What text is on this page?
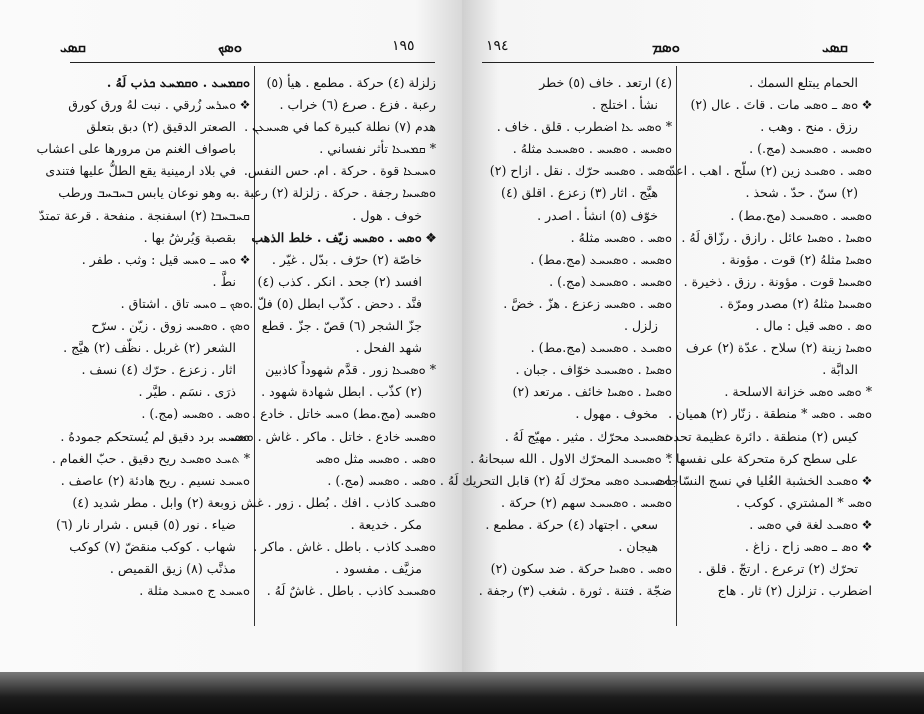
ܩܣܝ	ܘܣܟ	١٩٥
ܘܩܡܚܥ . ܘܩܡܚܥ ܟذب لَهُ .
❖ ܘܚܪܚ زُرقي . نبت لهُ ورق كورق
الصعتر الدقيق (٢) دبق بتعلق
باصواف الغنم من مرورها على اعشاب
في بلاد ارمينية يقع الطلُّ عليها فتندى
به وهو نوعان يابس ܒܚܒܚܒ ورطب
ܩܚܒܚܒܐ (٢) اسفنجة . منفحة . قرعة تمتدّ
بقصبة وَيُرشُ بها .
❖ ܘܚ ـ ܘܚܚ قيل : وثب . طفر .
نطَّ .
ܘܣܟ ـ ܘܚܚ تاق . اشتاق .
ܘܣܟ . ܘܣܚܚ زوق . زيّن . سرّح
الشعر (٢) غربل . نظّف (٢) هيَّج .
اثار . زعزع . حرّك (٤) نسف .
ذرَى . نسَم . طيَّر .
ܘܣܚ . ܘܣܚܚ (مج.) .
ܘܣܚܚ برد دقيق لم يُستحكم جمودهُ .
* ܬܚܥ ܘܣܚܥ ريح دقيق . حبّ الغمام .
ܘܚܚܥ نسيم . ريح هادئة (٢) عاصف .
زوبعة (٢) وابل . مطر شديد (٤)
ضياء . نور (٥) قبس . شرار نار (٦)
شهاب . كوكب منقضّ (٧) كوكب
مذنَّب (٨) زيق القميص .
ܘܚܚܥ ج ܘܚܚܥ مثلة .
زلزلة (٤) حركة . مطمع . هيأ (٥)
رعبة . فزع . صرع (٦) خراب .
هدم (٧) نطلة كبيرة كما في ܣܚܚܥܢ .
* ܩܡܚܥܐ تأثر نفساني .
ܘܚܚܥܐ قوة . حركة . ام. حس النفس.
ܘܣܚܚܐ رجفة . حركة . زلزلة (٢) رعبة .
خوف . هول .
❖ ܘܣܚ . ܘܣܚܚ زيّف . خلط الذهب
خاصّة (٢) حرّف . بدّل . غيّر .
افسد (٢) جحد . انكر . كذب (٤)
فنَّد . دحض . كذّب ابطل (٥) فلّ .
جزّ الشجر (٦) قصّ . جزّ . قطع
شهد الفحل .
* ܘܣܚܥܐ زور . قدَّم شهوداً كاذبين
(٢) كذّب . ابطل شهادة شهود .
ܘܣܚܚ (مج.مط) ܘܚܚ خاتل . خادع .
ܘܣܚܚ خادع . خاتل . ماكر . غاش . ܘܣܚ
ܘܣܚ . ܘܣܚܚ مثل ܘܣܚ
ܘܣܚ . ܘܣܚܚ (مج.) .
ܘܣܚܥ كاذب . افك . بُطل . زور . غش .
مكر . خديعة .
ܘܣܚܥ كاذب . باطل . غاش . ماكر .
مزيَّف . مفسود .
ܘܣܚܚܥ كاذب . باطل . غاشٌ لَهُ .
١٩٤	ܘܣܡ	ܩܣܝ
(٤) ارتعد . خاف (٥) خطر
نشأ . اختلج .
* ܘܣܚ ܥܐ اضطرب . قلق . خاف .
ܘܣܚܚ . ܘܣܚܚ . ܘܣܚܚܥ مثلهُ .
ܘܣܚ . ܘܣܚܚ حرّك . نقل . ازاح (٢)
هيَّج . اثار (٣) زعزع . اقلق (٤)
خوّف (٥) انشأ . اصدر .
ܘܣܚ . ܘܣܚܚ مثلهُ .
ܘܣܚܚ . ܘܣܚܚܥ (مج.مط) .
ܘܣܚܚ . ܘܣܚܚܥ (مج.) .
ܘܣܚ . ܘܣܚܚ زعزع . هزّ . خضَّ .
زلزل .
ܘܣܚܥ . ܘܣܚܚܥ (مج.مط) .
ܘܣܚܐ . ܘܣܚܚܥ خوّاف . جبان .
ܘܣܚܐ . ܘܣܚܐ خائف . مرتعد (٢)
مخوف . مهول .
ܘܣܚܚܥ محرّك . مثير . مهيّج لَهُ .
* ܘܣܚܚܥ المحرّك الاول . الله سبحانهُ .
ܘܣܚܚܥ ܘܣܚ محرّك لَهُ (٢) قابل التحريك لَهُ .
ܘܣܚܚ . ܘܣܚܚܥ سهم (٢) حركة .
سعي . اجتهاد (٤) حركة . مطمع .
هيجان .
ܘܣܚ . ܘܣܚܐ حركة . ضد سكون (٢)
ضجّة . فتنة . ثورة . شغب (٣) رجفة .
الحمام يبتلع السمك .
❖ ܘܣ ـ ܘܣܚ مات . قاتَ . عال (٢)
رزق . منح . وهب .
ܘܣܚܚ . ܘܣܚܚܥ (مج.) .
ܘܣܚ . ܘܣܚܥ زين (٢) سلّح . اهب . اعدّ
(٢) سنّ . حدّ . شحذ .
ܘܣܚܚ . ܘܣܚܚܥ (مج.مط) .
ܘܣܚܐ . ܘܣܚܐ عائل . رازق . رزّاق لَهُ .
ܘܣܚܐ مثلهُ (٢) قوت . مؤونة .
ܘܣܚܚܐ قوت . مؤونة . رزق . ذخيرة .
ܘܣܚܚܐ مثلهُ (٢) مصدر ومرّة .
ܘܣ . ܘܣܚ قيل : مال .
ܘܣܚܐ زينة (٢) سلاح . عدّة (٢) عرف
الدابَّة .
* ܘܣܚ ܘܣܚ خزانة الاسلحة .
ܘܣܚ . ܘܣܚ * منطقة . زنّار (٢) هميان .
كيس (٢) منطقة . دائرة عظيمة تحدث
على سطح كرة متحركة على نفسها .
❖ ܘܣܚܥ الخشبة العُليا في نسج النسّاجات
ܘܣܚ * المشتري . كوكب .
❖ ܘܣܚܥ لغة في ܘܣܚ .
❖ ܘܣ ـ ܘܣܚ زاح . زاغ .
تحرّك (٢) ترعرع . ارتجّ . قلق .
اضطرب . تزلزل (٢) ثار . هاج
